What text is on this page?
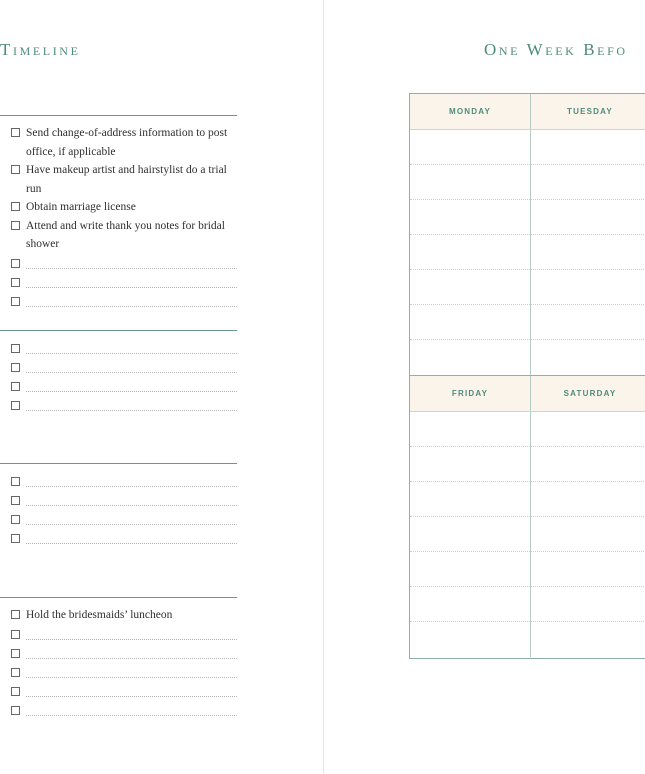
Timeline
Send change-of-address information to post office, if applicable
Have makeup artist and hairstylist do a trial run
Obtain marriage license
Attend and write thank you notes for bridal shower
Hold the bridesmaids’ luncheon
One Week Befo
MONDAY	TUESDAY
FRIDAY	SATURDAY
